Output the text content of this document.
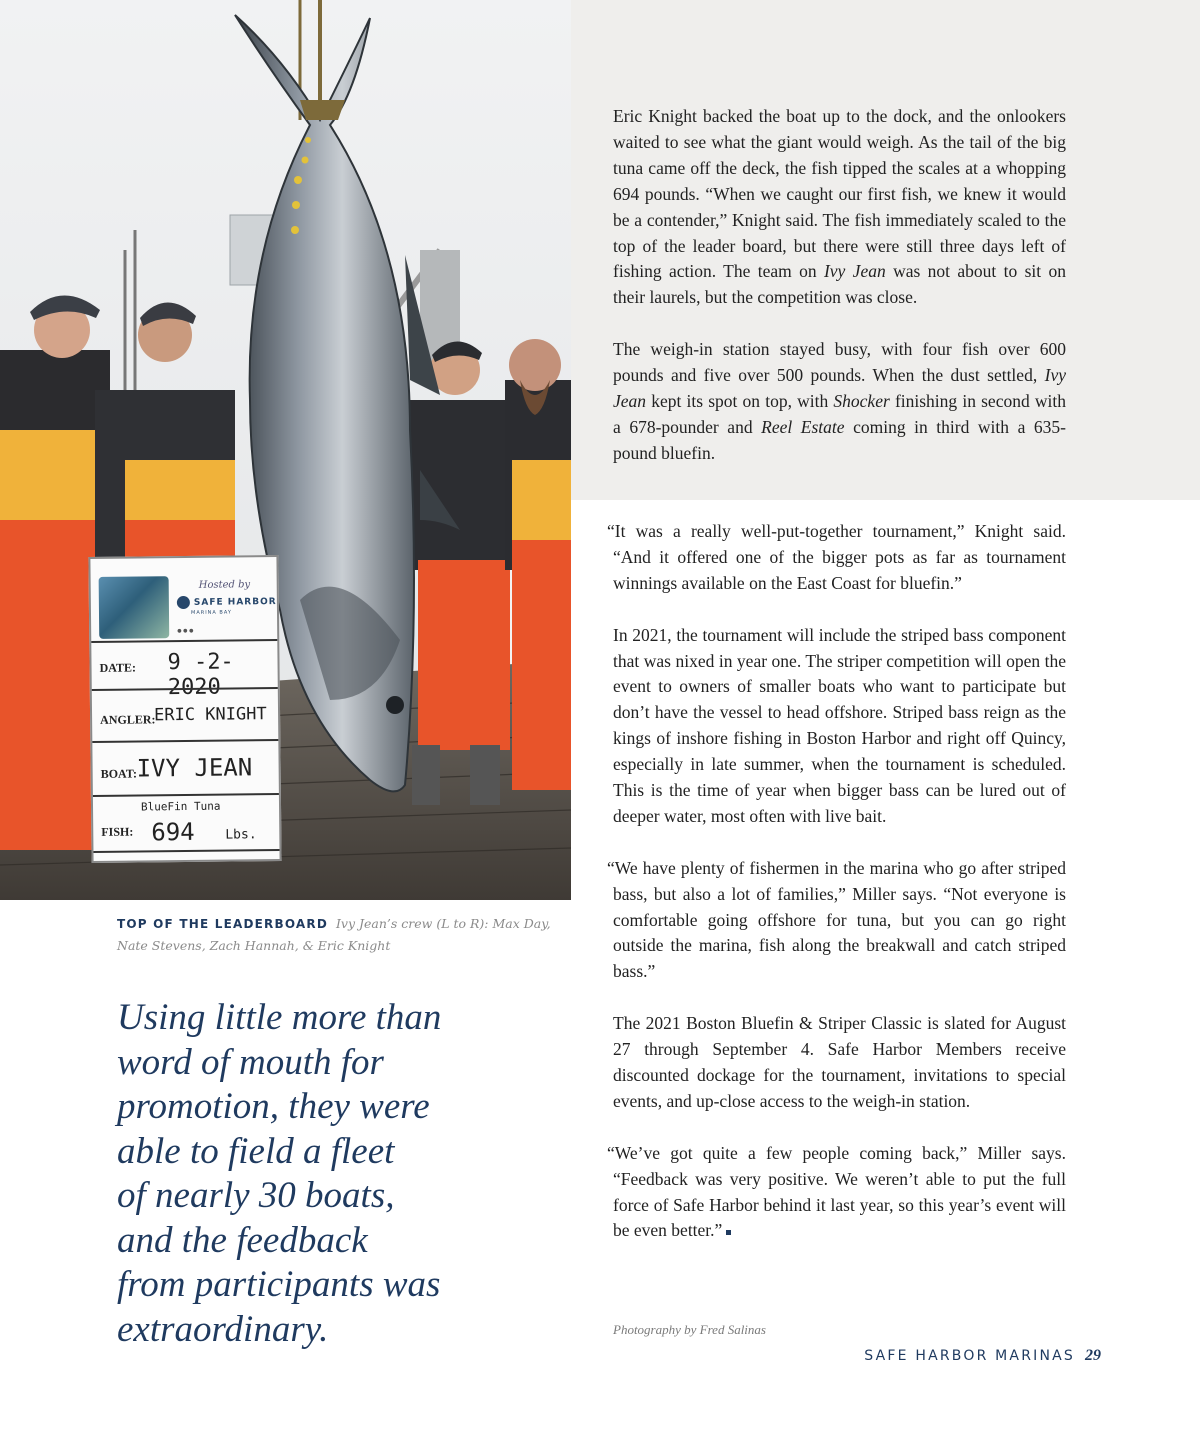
Hosted by
SAFE HARBOR
MARINA BAY
● ● ●
DATE: 9 -2-2020
ANGLER:
ERIC KNIGHT
BOAT: IVY JEAN
BlueFin Tuna
FISH: 694 Lbs.
TOP OF THE LEADERBOARD Ivy Jean’s crew (L to R): Max Day, Nate Stevens, Zach Hannah, & Eric Knight
Using little more than
word of mouth for
promotion, they were
able to field a fleet
of nearly 30 boats,
and the feedback
from participants was
extraordinary.

Eric Knight backed the boat up to the dock, and the onlookers waited to see what the giant would weigh. As the tail of the big tuna came off the deck, the fish tipped the scales at a whopping 694 pounds. “When we caught our first fish, we knew it would be a contender,” Knight said. The fish immediately scaled to the top of the leader board, but there were still three days left of fishing action. The team on Ivy Jean was not about to sit on their laurels, but the competition was close.

The weigh-in station stayed busy, with four fish over 600 pounds and five over 500 pounds. When the dust settled, Ivy Jean kept its spot on top, with Shocker finishing in second with a 678-pounder and Reel Estate coming in third with a 635-pound bluefin.

“It was a really well-put-together tournament,” Knight said. “And it offered one of the bigger pots as far as tournament winnings available on the East Coast for bluefin.”

In 2021, the tournament will include the striped bass component that was nixed in year one. The striper competition will open the event to owners of smaller boats who want to participate but don’t have the vessel to head offshore. Striped bass reign as the kings of inshore fishing in Boston Harbor and right off Quincy, especially in late summer, when the tournament is scheduled. This is the time of year when bigger bass can be lured out of deeper water, most often with live bait.

“We have plenty of fishermen in the marina who go after striped bass, but also a lot of families,” Miller says. “Not everyone is comfortable going offshore for tuna, but you can go right outside the marina, fish along the breakwall and catch striped bass.”

The 2021 Boston Bluefin & Striper Classic is slated for August 27 through September 4. Safe Harbor Members receive discounted dockage for the tournament, invitations to special events, and up-close access to the weigh-in station.

“We’ve got quite a few people coming back,” Miller says. “Feedback was very positive. We weren’t able to put the full force of Safe Harbor behind it last year, so this year’s event will be even better.”

Photography by Fred Salinas
SAFE HARBOR MARINAS 29
